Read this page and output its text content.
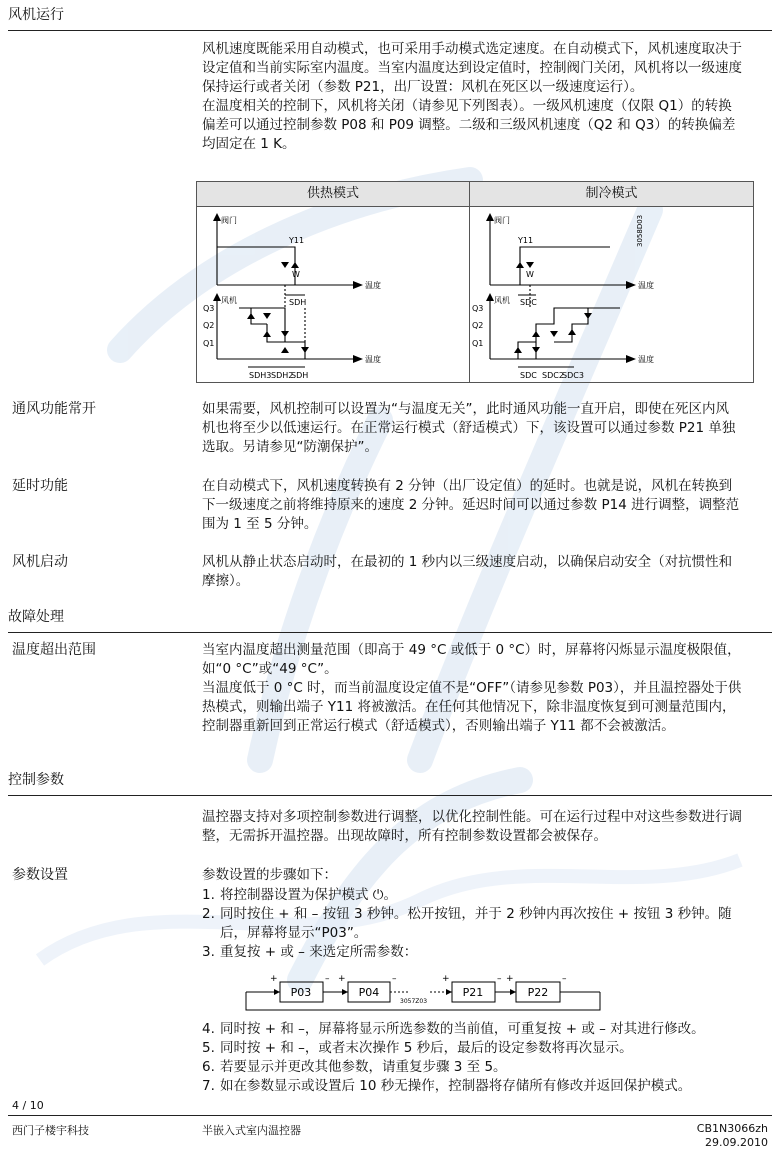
风机运行

风机速度既能采用自动模式，也可采用手动模式选定速度。在自动模式下，风机速度取决于设定值和当前实际室内温度。当室内温度达到设定值时，控制阀门关闭，风机将以一级速度保持运行或者关闭（参数 P21，出厂设置：风机在死区以一级速度运行）。

在温度相关的控制下，风机将关闭（请参见下列图表）。一级风机速度（仅限 Q1）的转换偏差可以通过控制参数 P08 和 P09 调整。二级和三级风机速度（Q2 和 Q3）的转换偏差均固定在 1 K。

供热模式	制冷模式
阀门
Y11
W
温度
SDH
风机
Q3
Q2
Q1
温度
SDH3 SDH2
SDH
阀门
Y11
W
温度
SDC
风机
Q3
Q2
Q1
温度
SDC SDC2
SDC3
3058D03
通风功能常开	如果需要，风机控制可以设置为“与温度无关”，此时通风功能一直开启，即使在死区内风机也将至少以低速运行。在正常运行模式（舒适模式）下，该设置可以通过参数 P21 单独选取。另请参见“防潮保护”。
延时功能	在自动模式下，风机速度转换有 2 分钟（出厂设定值）的延时。也就是说，风机在转换到下一级速度之前将维持原来的速度 2 分钟。延迟时间可以通过参数 P14 进行调整，调整范围为 1 至 5 分钟。
风机启动	风机从静止状态启动时，在最初的 1 秒内以三级速度启动，以确保启动安全（对抗惯性和摩擦）。
故障处理
温度超出范围	当室内温度超出测量范围（即高于 49 °C 或低于 0 °C）时，屏幕将闪烁显示温度极限值，如“0 °C”或“49 °C”。

当温度低于 0 °C 时，而当前温度设定值不是“OFF”（请参见参数 P03），并且温控器处于供热模式，则输出端子 Y11 将被激活。在任何其他情况下，除非温度恢复到可测量范围内，控制器重新回到正常运行模式（舒适模式），否则输出端子 Y11 都不会被激活。

控制参数
温控器支持对多项控制参数进行调整，以优化控制性能。可在运行过程中对这些参数进行调整，无需拆开温控器。出现故障时，所有控制参数设置都会被保存。
参数设置	参数设置的步骤如下：
1. 将控制器设置为保护模式 ⏻。
2. 同时按住 + 和 – 按钮 3 秒钟。松开按钮，并于 2 秒钟内再次按住 + 按钮 3 秒钟。随后，屏幕将显示“P03”。
3. 重复按 + 或 – 来选定所需参数：
P03	P04	P21	P22
+	– +	–	+	– +	–
3057Z03
4. 同时按 + 和 –，屏幕将显示所选参数的当前值，可重复按 + 或 – 对其进行修改。
5. 同时按 + 和 –，或者末次操作 5 秒后，最后的设定参数将再次显示。
6. 若要显示并更改其他参数，请重复步骤 3 至 5。
7. 如在参数显示或设置后 10 秒无操作，控制器将存储所有修改并返回保护模式。
4 / 10
西门子楼宇科技	半嵌入式室内温控器	CB1N3066zh
29.09.2010
